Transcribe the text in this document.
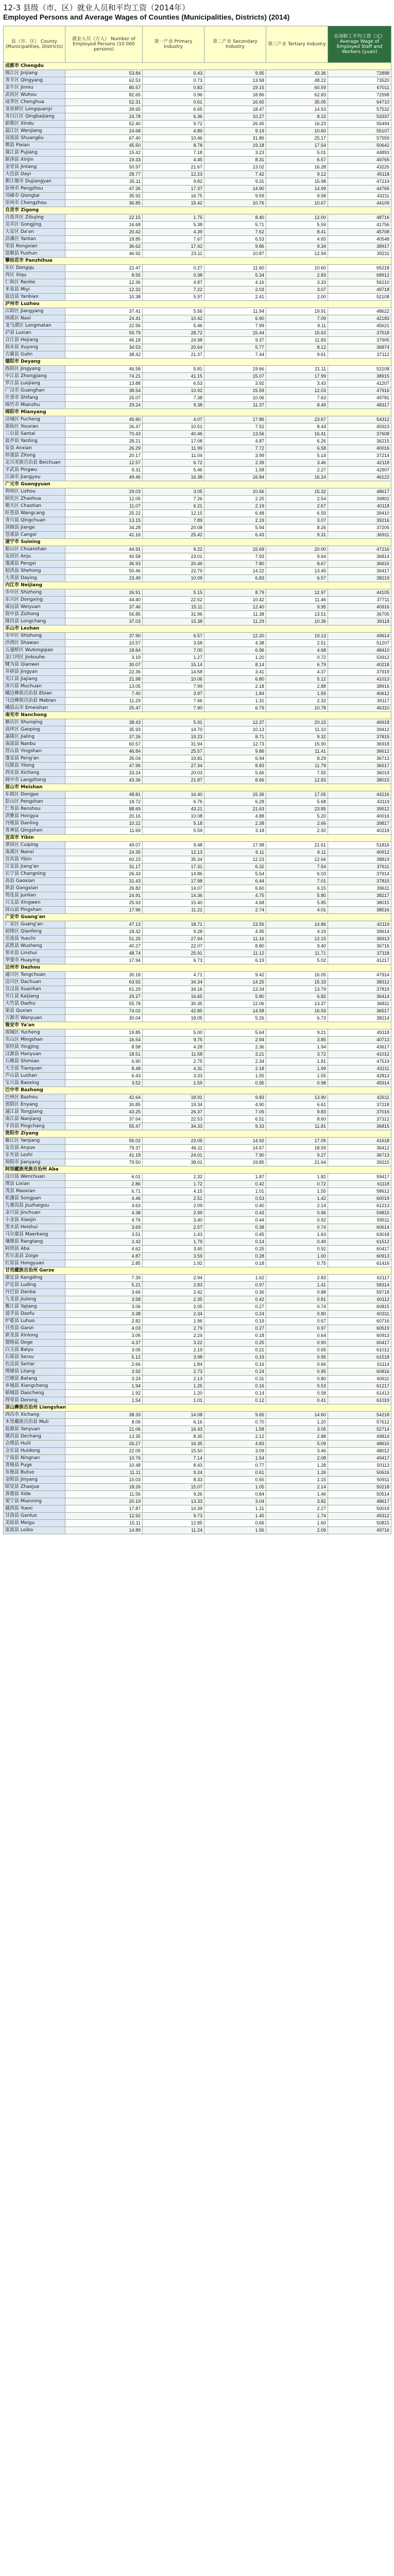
12-3 县级（市、区）就业人员和平均工资（2014年）
Employed Persons and Average Wages of Counties (Municipalities, Districts) (2014)
县（市、区） County (Municipalities, Districts)	就业人员（万人） Number of Employed Persons (10 000 persons)	第一产业 Primary Industry	第二产业 Secondary Industry	第三产业 Tertiary Industry	在岗职工平均工资（元） Average Wage of Employed Staff and Workers (yuan)
成都市 Chengdu					
锦江区 Jinjiang	53.84	0.43	9.95	43.36	72898
青羊区 Qingyang	62.53	0.73	13.58	48.22	73520
金牛区 Jinniu	80.57	0.83	19.15	60.59	67011
武侯区 Wuhou	82.65	0.96	18.86	62.83	72598
成华区 Chenghua	52.31	0.61	16.65	35.05	64710
龙泉驿区 Longquanyi	39.65	6.65	18.47	14.53	57532
青白江区 Qingbaijiang	24.78	6.36	10.27	8.15	53337
新都区 Xindu	52.40	9.72	26.45	16.23	55494
温江区 Wenjiang	24.68	4.89	9.19	10.60	55107
双流县 Shuangliu	67.40	10.46	31.86	25.17	57559
郫县 Pixian	45.50	8.78	19.18	17.54	50642
蒲江县 Pujiang	15.42	7.18	3.23	5.01	44893
新津县 Xinjin	19.33	4.45	8.31	6.57	49765
金堂县 Jintang	50.97	21.67	13.02	16.28	43226
大邑县 Dayi	28.77	12.23	7.42	9.12	45118
都江堰市 Dujiangyan	35.11	9.82	9.31	15.98	47219
彭州市 Pengzhou	47.26	17.37	14.90	14.99	44765
邛崃市 Qionglai	35.92	16.75	9.59	9.58	43211
崇州市 Chongzhou	36.85	15.42	10.76	10.67	44109
自贡市 Zigong					
自流井区 Ziliujing	22.15	1.75	8.40	12.00	48716
贡井区 Gongjing	16.68	5.38	5.71	5.59	41756
大安区 Da'an	20.42	4.39	7.62	8.41	45708
沿滩区 Yantan	18.85	7.67	6.53	4.65	40548
荣县 Rongxian	36.62	17.42	9.86	9.34	38917
富顺县 Fushun	46.92	23.11	10.87	12.94	39211
攀枝花市 Panzhihua					
东区 Dongqu	22.47	0.27	11.60	10.60	65218
西区 Xiqu	8.55	0.38	5.34	2.83	68912
仁和区 Renhe	12.36	4.87	4.16	3.33	56210
米易县 Miyi	12.32	7.22	2.03	3.07	49718
盐边县 Yanbian	10.38	5.97	2.41	2.00	52108
泸州市 Luzhou					
江阳区 Jiangyang	37.41	5.56	11.94	19.91	48622
纳溪区 Naxi	24.41	10.42	6.90	7.09	42183
龙马潭区 Longmatan	22.56	5.46	7.99	9.11	45621
泸县 Luxian	59.79	28.72	15.44	15.63	37518
合江县 Hejiang	46.18	24.98	9.37	11.83	37905
叙永县 Xuyong	34.53	20.64	5.77	8.12	36874
古蔺县 Gulin	38.42	21.37	7.44	9.61	37112
德阳市 Deyang					
旌阳区 Jingyang	46.58	5.81	19.66	21.11	52108
中江县 Zhongjiang	74.21	41.15	15.07	17.99	38915
罗江县 Luojiang	13.88	6.53	3.92	3.43	41207
广汉市 Guanghan	38.54	10.92	15.59	12.03	47916
什邡市 Shifang	25.07	7.38	10.06	7.63	49781
绵竹市 Mianzhu	29.24	9.38	11.37	8.49	48317
绵阳市 Mianyang					
涪城区 Fucheng	45.60	4.07	17.86	23.67	54312
游仙区 Youxian	26.47	10.51	7.52	8.44	45923
三台县 Santai	70.43	40.46	13.56	16.41	37608
盐亭县 Yanting	28.21	17.08	4.87	6.26	36215
安县 Anxian	26.29	11.99	7.72	6.58	40016
梓潼县 Zitong	20.17	11.04	3.99	5.14	37214
北川羌族自治县 Beichuan	12.57	6.72	2.39	3.46	42118
平武县 Pingwu	9.31	5.46	1.58	2.27	42907
江油市 Jiangyou	49.46	16.38	16.84	16.24	46122
广元市 Guangyuan					
利州区 Lizhou	29.03	3.05	10.66	15.32	48617
昭化区 Zhaohua	12.05	7.26	2.25	2.54	39802
朝天区 Chaotian	11.07	6.21	2.19	2.67	40118
旺苍县 Wangcang	25.22	12.15	6.48	6.59	39410
青川县 Qingchuan	13.15	7.89	2.19	3.07	39216
剑阁县 Jiange	34.28	20.08	5.94	8.26	37205
苍溪县 Cangxi	41.16	25.42	6.43	9.31	36911
遂宁市 Suining					
船山区 Chuanshan	44.91	9.22	15.69	20.00	47216
安居区 Anju	40.58	23.01	7.93	9.64	36814
蓬溪县 Pengxi	36.93	20.46	7.80	8.67	36615
射洪县 Shehong	50.46	22.79	14.22	13.45	39417
大英县 Daying	23.49	10.09	6.83	6.57	38219
内江市 Neijiang					
市中区 Shizhong	26.91	5.15	8.79	12.97	44105
东兴区 Dongxing	44.40	22.52	10.42	11.46	37711
威远县 Weiyuan	37.46	15.11	12.40	9.95	40916
资中县 Zizhong	56.85	31.96	11.38	13.51	36705
隆昌县 Longchang	37.03	15.38	11.29	10.36	39118
乐山市 Leshan					
市中区 Shizhong	37.90	6.57	12.20	19.13	49614
沙湾区 Shawan	10.57	3.68	4.38	2.51	51207
五通桥区 Wutongqiao	18.64	7.00	6.96	4.68	48410
金口河区 Jinkouhe	3.19	1.27	1.20	0.72	53912
犍为县 Qianwei	30.07	15.14	8.14	6.79	40218
井研县 Jingyan	22.36	14.58	3.41	4.37	37919
夹江县 Jiajiang	21.98	10.06	6.80	5.12	41013
沐川县 Muchuan	13.05	7.99	2.18	2.88	38916
峨边彝族自治县 Ebian	7.40	3.97	1.84	1.59	40612
马边彝族自治县 Mabian	11.29	7.66	1.31	2.32	39117
峨眉山市 Emeishan	25.47	7.90	6.79	10.78	46310
南充市 Nanchong					
顺庆区 Shunqing	38.43	5.91	12.37	20.15	46918
高坪区 Gaoping	35.93	14.70	10.13	11.10	39412
嘉陵区 Jialing	37.26	19.23	8.71	9.32	37815
南部县 Nanbu	60.57	31.94	12.73	15.90	36918
营山县 Yingshan	46.84	25.57	9.86	11.41	36612
蓬安县 Peng'an	35.04	19.81	6.94	8.29	36713
仪陇县 Yilong	47.96	27.34	8.83	11.79	36517
西充县 Xichong	33.24	20.03	5.66	7.55	36019
阆中市 Langzhong	43.36	21.87	8.66	12.83	38015
眉山市 Meishan					
东坡区 Dongpo	48.81	16.40	15.36	17.05	44216
彭山区 Pengshan	18.72	6.76	6.28	5.68	43119
仁寿县 Renshou	88.69	43.21	21.63	23.85	39512
洪雅县 Hongya	20.16	10.08	4.88	5.20	40016
丹棱县 Danling	10.22	5.18	2.38	2.66	39817
青神县 Qingshen	11.69	5.59	3.18	2.92	40218
宜宾市 Yibin					
翠屏区 Cuiping	49.07	9.48	17.98	21.61	51816
南溪区 Nanxi	24.35	12.13	6.11	6.11	40912
宜宾县 Yibin	60.23	35.34	12.23	12.66	38819
江安县 Jiang'an	31.17	17.31	6.32	7.54	37611
长宁县 Changning	26.43	14.86	5.54	6.03	37914
高县 Gaoxian	31.43	17.98	6.44	7.01	37815
珙县 Gongxian	26.82	14.07	6.60	6.15	39611
筠连县 Junlian	24.91	14.36	4.75	5.80	38217
兴文县 Xingwen	25.93	15.40	4.68	5.85	38015
屏山县 Pingshan	17.96	11.21	2.74	4.01	38516
广安市 Guang'an					
广安区 Guang'an	47.13	18.71	13.56	14.86	42119
前锋区 Qianfeng	18.42	9.28	4.95	4.19	39614
岳池县 Yuechi	51.25	27.94	11.16	12.15	36913
武胜县 Wusheng	40.27	22.07	8.80	9.40	36716
邻水县 Linshui	48.74	25.91	11.12	11.71	37118
华蓥市 Huaying	17.94	6.73	6.19	5.02	41217
达州市 Dazhou					
通川区 Tongchuan	30.18	4.71	9.42	16.05	47914
达川区 Dachuan	63.92	34.34	14.25	15.33	38312
宣汉县 Xuanhan	61.29	34.16	13.34	13.79	37819
开江县 Kaijiang	29.27	16.65	5.80	6.82	36414
大竹县 Dazhu	55.78	30.35	12.06	13.37	36811
渠县 Quxian	74.02	42.85	14.58	16.59	36517
万源市 Wanyuan	30.04	18.05	5.26	6.73	38214
雅安市 Ya'an					
雨城区 Yucheng	19.85	5.00	5.64	9.21	49118
名山区 Mingshan	16.54	9.75	2.94	3.85	40713
荥经县 Yingjing	8.58	4.28	2.36	1.94	43617
汉源县 Hanyuan	18.51	11.58	3.21	3.72	41012
石棉县 Shimian	6.90	2.75	2.34	1.81	47519
天全县 Tianquan	8.48	4.31	2.18	1.99	43211
芦山县 Lushan	6.43	3.33	1.55	1.55	42813
宝兴县 Baoxing	3.52	1.59	0.95	0.98	45914
巴中市 Bazhong					
巴州区 Bazhou	42.64	18.91	9.83	13.90	42611
恩阳区 Enyang	30.85	19.34	4.90	6.61	37218
通江县 Tongjiang	43.25	26.37	7.05	9.83	37016
南江县 Nanjiang	37.64	22.53	6.51	8.60	37312
平昌县 Pingchang	55.47	34.33	9.33	11.81	36815
资阳市 Ziyang					
雁江区 Yanjiang	55.02	23.05	14.92	17.05	41618
安岳县 Anyue	79.37	46.11	14.67	18.59	36412
乐至县 Lezhi	41.18	24.01	7.90	9.27	36713
简阳市 Jianyang	79.50	38.01	19.85	21.64	39215
阿坝藏族羌族自治州 Aba					
汶川县 Wenchuan	6.01	2.32	1.87	1.82	59417
理县 Lixian	2.86	1.72	0.42	0.72	61118
茂县 Maoxian	6.71	4.15	1.01	1.55	58612
松潘县 Songpan	4.46	2.51	0.53	1.42	60019
九寨沟县 Jiuzhaigou	4.63	2.09	0.40	2.14	61213
金川县 Jinchuan	4.38	2.99	0.43	0.96	59815
小金县 Xiaojin	4.76	3.40	0.44	0.92	59511
黑水县 Heishui	3.69	2.57	0.38	0.74	60614
马尔康县 Maerkang	3.51	1.43	0.45	1.63	63018
壤塘县 Rangtang	2.42	1.79	0.14	0.49	61512
阿坝县 Aba	4.62	3.45	0.25	0.92	60417
若尔盖县 Zoige	4.87	3.59	0.28	1.00	60913
红原县 Hongyuan	2.85	1.92	0.18	0.75	61416
甘孜藏族自治州 Garze					
康定县 Kangding	7.39	2.94	1.62	2.83	62117
泸定县 Luding	5.21	2.83	0.97	1.41	58314
丹巴县 Danba	3.66	2.42	0.36	0.88	59718
九龙县 Jiulong	3.58	2.35	0.42	0.81	60112
雅江县 Yajiang	3.06	2.05	0.27	0.74	60815
道孚县 Daofu	3.38	2.34	0.24	0.80	60311
炉霍县 Luhuo	2.82	1.96	0.19	0.67	60716
甘孜县 Ganzi	4.03	2.79	0.27	0.97	60519
新龙县 Xinlong	3.06	2.24	0.18	0.64	60913
德格县 Dege	4.37	3.22	0.25	0.90	60417
白玉县 Baiyu	3.05	2.19	0.21	0.65	61012
石渠县 Serxu	5.12	3.98	0.19	0.95	61518
色达县 Sertar	2.66	1.84	0.16	0.66	61114
理塘县 Litang	3.92	2.73	0.24	0.95	60816
巴塘县 Batang	3.24	2.13	0.31	0.80	60611
乡城县 Xiangcheng	1.94	1.25	0.16	0.53	61217
稻城县 Daocheng	1.92	1.20	0.14	0.58	61413
得荣县 Derong	1.54	1.01	0.12	0.41	61019
凉山彝族自治州 Liangshan					
西昌市 Xichang	38.33	14.08	9.65	14.60	54218
木里藏族自治县 Muli	8.06	6.16	0.70	1.20	57612
盐源县 Yanyuan	21.06	16.43	1.58	3.05	52714
德昌县 Dechang	13.35	8.35	2.12	2.88	49819
会理县 Huili	26.27	16.35	4.83	5.09	48615
会东县 Huidong	22.05	15.50	3.09	3.46	48012
宁南县 Ningnan	10.76	7.14	1.54	2.08	49417
普格县 Puge	10.48	8.43	0.77	1.28	50113
布拖县 Butuo	11.11	9.24	0.61	1.26	50616
金阳县 Jinyang	10.03	8.33	0.55	1.15	50911
昭觉县 Zhaojue	18.26	15.07	1.05	2.14	50218
喜德县 Xide	11.56	9.26	0.84	1.46	50514
冕宁县 Mianning	20.19	13.33	3.04	3.82	48617
越西县 Yuexi	17.87	14.39	1.21	2.27	50019
甘洛县 Ganluo	12.92	9.73	1.45	1.74	49312
美姑县 Meigu	15.11	12.85	0.66	1.60	50815
雷波县 Leibo	14.89	11.24	1.56	2.09	49716
